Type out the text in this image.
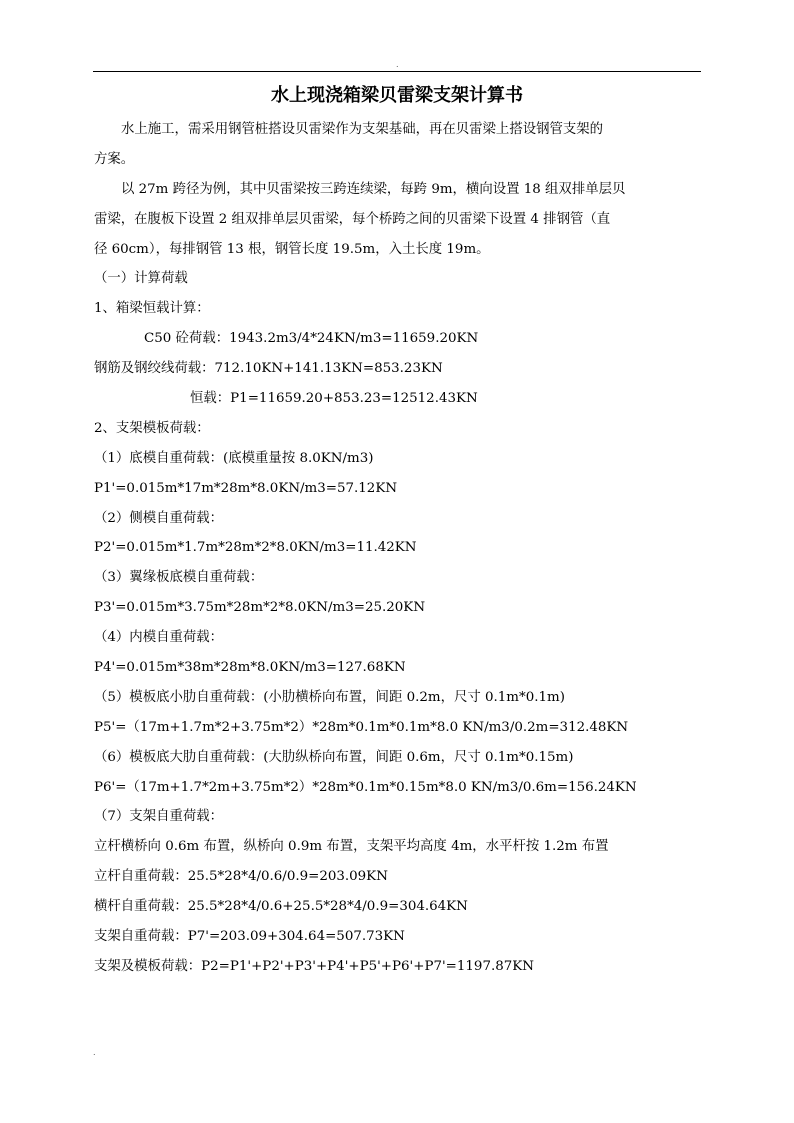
.
水上现浇箱梁贝雷梁支架计算书
水上施工，需采用钢管桩搭设贝雷梁作为支架基础，再在贝雷梁上搭设钢管支架的
方案。
以 27m 跨径为例，其中贝雷梁按三跨连续梁，每跨 9m，横向设置 18 组双排单层贝
雷梁，在腹板下设置 2 组双排单层贝雷梁，每个桥跨之间的贝雷梁下设置 4 排钢管（直
径 60cm），每排钢管 13 根，钢管长度 19.5m，入土长度 19m。
（一）计算荷载
1、箱梁恒载计算：
C50 砼荷载：1943.2m3/4*24KN/m3=11659.20KN
钢筋及钢绞线荷载：712.10KN+141.13KN=853.23KN
恒载：P1=11659.20+853.23=12512.43KN
2、支架模板荷载：
（1）底模自重荷载：(底模重量按 8.0KN/m3)
P1'=0.015m*17m*28m*8.0KN/m3=57.12KN
（2）侧模自重荷载：
P2'=0.015m*1.7m*28m*2*8.0KN/m3=11.42KN
（3）翼缘板底模自重荷载：
P3'=0.015m*3.75m*28m*2*8.0KN/m3=25.20KN
（4）内模自重荷载：
P4'=0.015m*38m*28m*8.0KN/m3=127.68KN
（5）模板底小肋自重荷载：(小肋横桥向布置，间距 0.2m，尺寸 0.1m*0.1m)
P5'=（17m+1.7m*2+3.75m*2）*28m*0.1m*0.1m*8.0 KN/m3/0.2m=312.48KN
（6）模板底大肋自重荷载：(大肋纵桥向布置，间距 0.6m，尺寸 0.1m*0.15m)
P6'=（17m+1.7*2m+3.75m*2）*28m*0.1m*0.15m*8.0 KN/m3/0.6m=156.24KN
（7）支架自重荷载：
立杆横桥向 0.6m 布置，纵桥向 0.9m 布置，支架平均高度 4m，水平杆按 1.2m 布置
立杆自重荷载：25.5*28*4/0.6/0.9=203.09KN
横杆自重荷载：25.5*28*4/0.6+25.5*28*4/0.9=304.64KN
支架自重荷载：P7'=203.09+304.64=507.73KN
支架及模板荷载：P2=P1'+P2'+P3'+P4'+P5'+P6'+P7'=1197.87KN
.
